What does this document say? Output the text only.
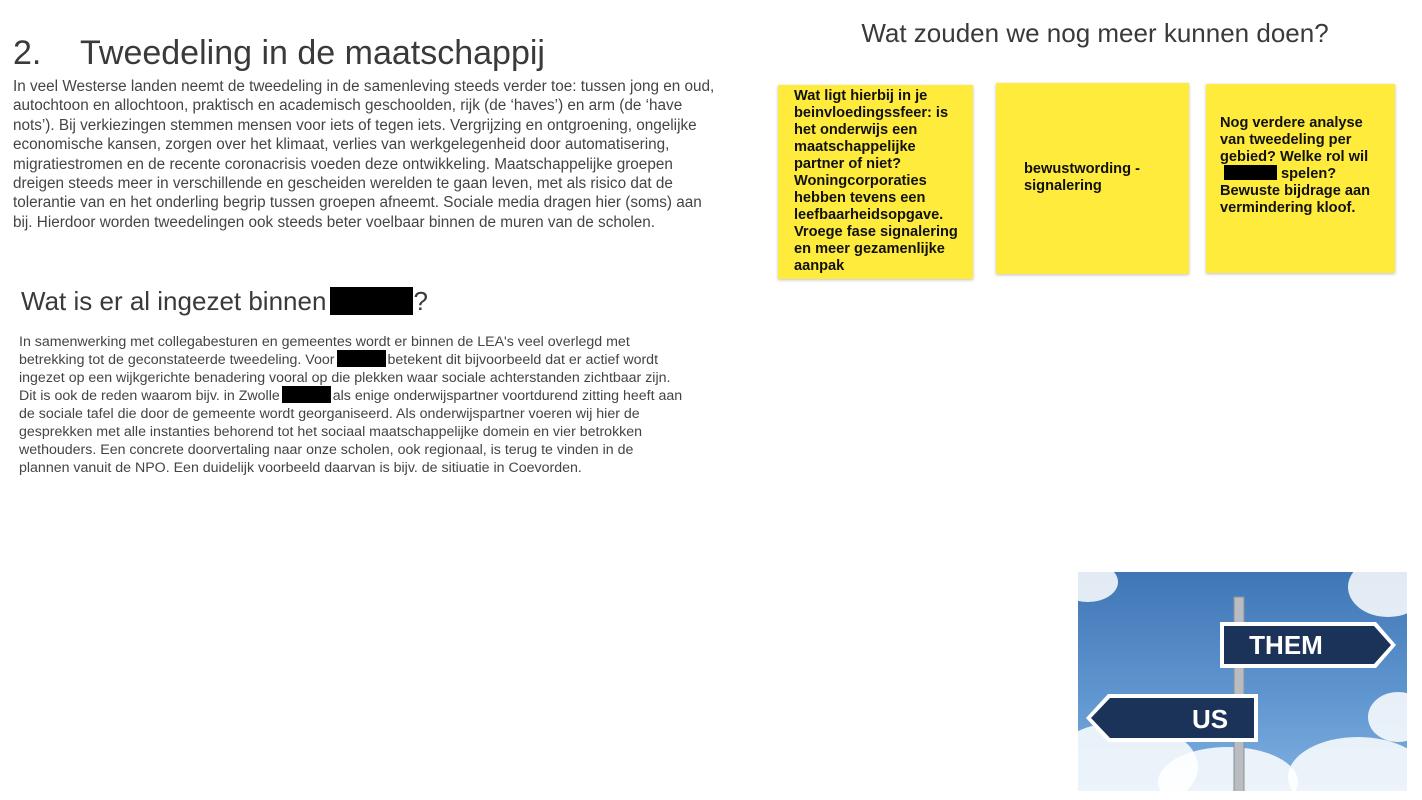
2. Tweedeling in de maatschappij
In veel Westerse landen neemt de tweedeling in de samenleving steeds verder toe: tussen jong en oud, autochtoon en allochtoon, praktisch en academisch geschoolden, rijk (de ‘haves’) en arm (de ‘have nots’). Bij verkiezingen stemmen mensen voor iets of tegen iets. Vergrijzing en ontgroening, ongelijke economische kansen, zorgen over het klimaat, verlies van werkgelegenheid door automatisering, migratiestromen en de recente coronacrisis voeden deze ontwikkeling. Maatschappelijke groepen dreigen steeds meer in verschillende en gescheiden werelden te gaan leven, met als risico dat de tolerantie van en het onderling begrip tussen groepen afneemt. Sociale media dragen hier (soms) aan bij. Hierdoor worden tweedelingen ook steeds beter voelbaar binnen de muren van de scholen.
Wat is er al ingezet binnen	?
In samenwerking met collegabesturen en gemeentes wordt er binnen de LEA's veel overlegd met betrekking tot de geconstateerde tweedeling. Voor	betekent dit bijvoorbeeld dat er actief wordt ingezet op een wijkgerichte benadering vooral op die plekken waar sociale achterstanden zichtbaar zijn. Dit is ook de reden waarom bijv. in Zwolle	als enige onderwijspartner voortdurend zitting heeft aan de sociale tafel die door de gemeente wordt georganiseerd. Als onderwijspartner voeren wij hier de gesprekken met alle instanties behorend tot het sociaal maatschappelijke domein en vier betrokken wethouders. Een concrete doorvertaling naar onze scholen, ook regionaal, is terug te vinden in de plannen vanuit de NPO. Een duidelijk voorbeeld daarvan is bijv. de sitiuatie in Coevorden.
Wat zouden we nog meer kunnen doen?
Wat ligt hierbij in je beinvloedingssfeer: is het onderwijs een maatschappelijke partner of niet? Woningcorporaties hebben tevens een leefbaarheidsopgave. Vroege fase signalering en meer gezamenlijke aanpak
bewustwording - signalering
Nog verdere analyse van tweedeling per gebied? Welke rol wilspelen? Bewuste bijdrage aan vermindering kloof.
THEM
US
